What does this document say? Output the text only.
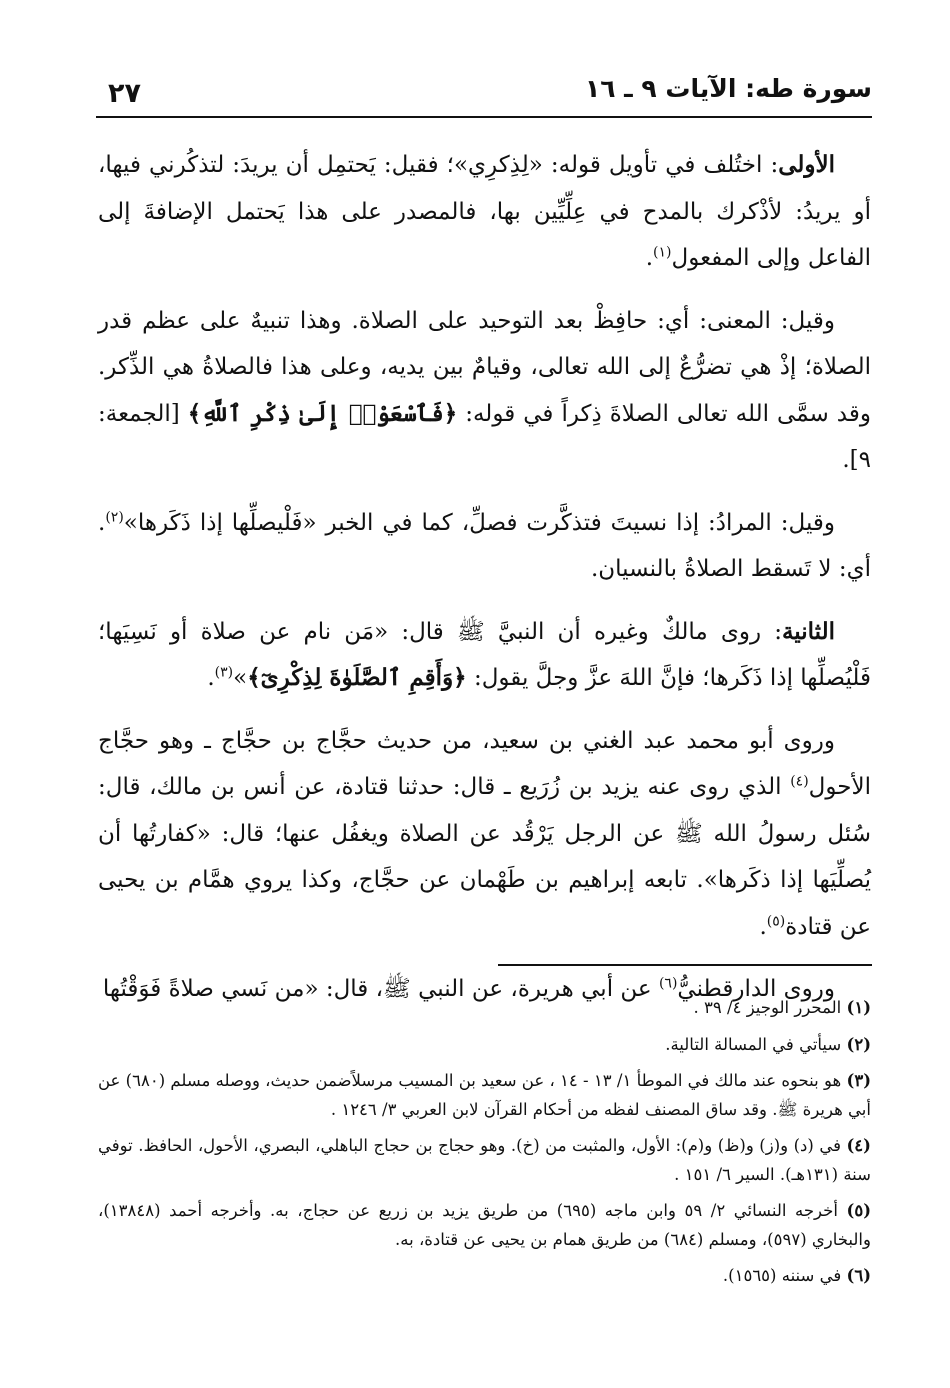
سورة طه: الآيات ٩ ـ ١٦
٢٧

الأولى: اختُلف في تأويل قوله: «لِذِكرِي»؛ فقيل: يَحتمِل أن يريدَ: لتذكُرني فيها، أو يريدُ: لأذْكرك بالمدح في عِلِّيِّين بها، فالمصدر على هذا يَحتمل الإضافةَ إلى الفاعل وإلى المفعول$^{(١)}$.

وقيل: المعنى: أي: حافِظْ بعد التوحيد على الصلاة. وهذا تنبيهٌ على عظم قدر الصلاة؛ إذْ هي تضرُّعٌ إلى الله تعالى، وقيامٌ بين يديه، وعلى هذا فالصلاةُ هي الذِّكر. وقد سمَّى الله تعالى الصلاةَ ذِكراً في قوله: ﴿فَٱسْعَوْا۟ إِلَىٰ ذِكْرِ ٱللَّهِ﴾ [الجمعة: ٩].

وقيل: المرادُ: إذا نسيتَ فتذكَّرت فصلِّ، كما في الخبر «فَلْيصلِّها إذا ذَكَرها»$^{(٢)}$. أي: لا تَسقط الصلاةُ بالنسيان.

الثانية: روى مالكٌ وغيره أن النبيَّ ﷺ قال: «مَن نام عن صلاة أو نَسِيَها؛ فَلْيُصلِّها إذا ذَكَرها؛ فإنَّ اللهَ عزَّ وجلَّ يقول: ﴿وَأَقِمِ ٱلصَّلَوٰةَ لِذِكْرِىٓ﴾»$^{(٣)}$.

وروى أبو محمد عبد الغني بن سعيد، من حديث حجَّاج بن حجَّاج ـ وهو حجَّاج الأحول$^{(٤)}$ الذي روى عنه يزيد بن زُرَيع ـ قال: حدثنا قتادة، عن أنس بن مالك، قال: سُئل رسولُ الله ﷺ عن الرجل يَرْقُد عن الصلاة ويغفُل عنها؛ قال: «كفارتُها أن يُصلِّيَها إذا ذكَرها». تابعه إبراهيم بن طَهْمان عن حجَّاج، وكذا يروي همَّام بن يحيى عن قتادة$^{(٥)}$.

وروى الدارقطنيُّ$^{(٦)}$ عن أبي هريرة، عن النبي ﷺ، قال: «من نَسي صلاةً فَوَقْتُها

(١) المحرر الوجيز ٤/ ٣٩ .
(٢) سيأتي في المسالة التالية.
(٣) هو بنحوه عند مالك في الموطأ ١/ ١٣ - ١٤ ، عن سعيد بن المسيب مرسلاًضمن حديث، ووصله مسلم (٦٨٠) عن أبي هريرة ﷺ. وقد ساق المصنف لفظه من أحكام القرآن لابن العربي ٣/ ١٢٤٦ .
(٤) في (د) و(ز) و(ظ) و(م): الأول، والمثبت من (خ). وهو حجاج بن حجاج الباهلي، البصري، الأحول، الحافظ. توفي سنة (١٣١هـ). السير ٦/ ١٥١ .
(٥) أخرجه النسائي ٢/ ٥٩ وابن ماجه (٦٩٥) من طريق يزيد بن زريع عن حجاج، به. وأخرجه أحمد (١٣٨٤٨)، والبخاري (٥٩٧)، ومسلم (٦٨٤) من طريق همام بن يحيى عن قتادة، به.
(٦) في سننه (١٥٦٥).
